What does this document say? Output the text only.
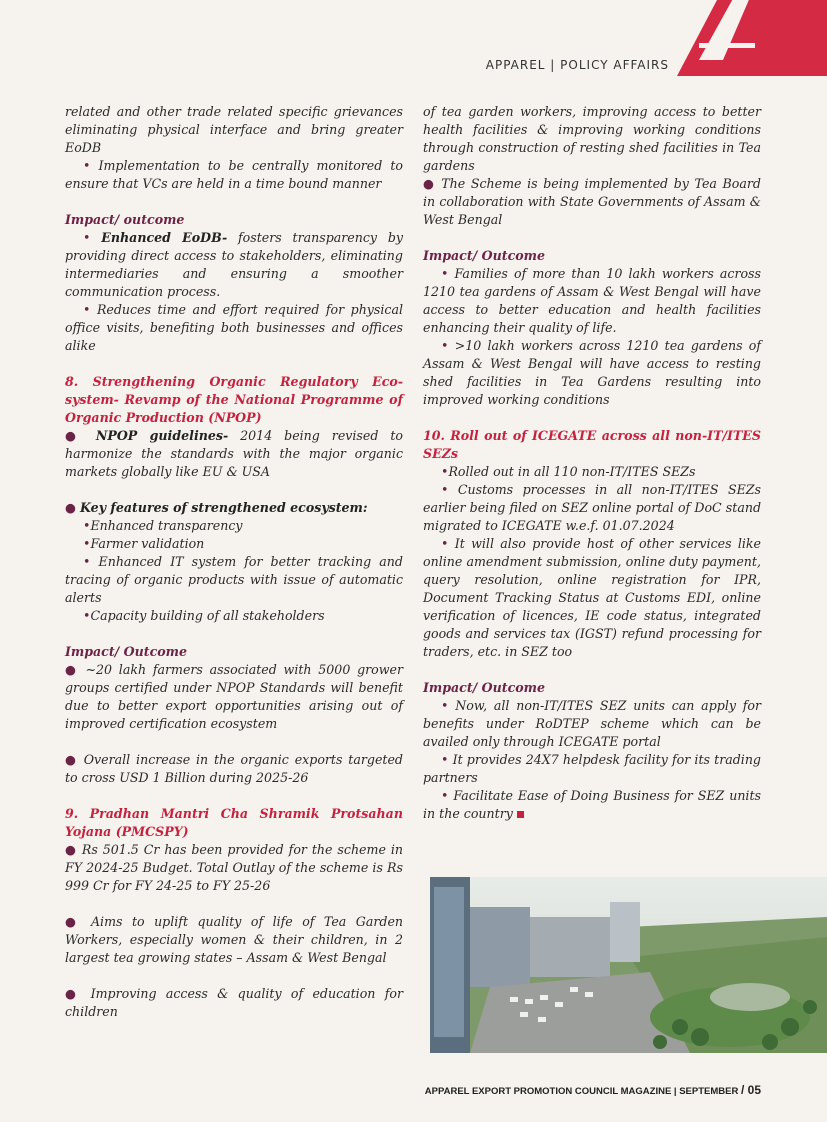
APPAREL | POLICY AFFAIRS

related and other trade related specific grievances eliminating physical interface and bring greater EoDB

• Implementation to be centrally monitored to ensure that VCs are held in a time bound manner

Impact/ outcome

• Enhanced EoDB- fosters transparency by providing direct access to stakeholders, eliminating intermediaries and ensuring a smoother communication process.

• Reduces time and effort required for physical office visits, benefiting both businesses and offices alike

8. Strengthening Organic Regulatory Eco-system- Revamp of the National Programme of Organic Production (NPOP)

● NPOP guidelines- 2014 being revised to harmonize the standards with the major organic markets globally like EU & USA

● Key features of strengthened ecosystem:

•Enhanced transparency

•Farmer validation

• Enhanced IT system for better tracking and tracing of organic products with issue of automatic alerts

•Capacity building of all stakeholders

Impact/ Outcome

● ~20 lakh farmers associated with 5000 grower groups certified under NPOP Standards will benefit due to better export opportunities arising out of improved certification ecosystem

● Overall increase in the organic exports targeted to cross USD 1 Billion during 2025-26

9. Pradhan Mantri Cha Shramik Protsahan Yojana (PMCSPY)

● Rs 501.5 Cr has been provided for the scheme in FY 2024-25 Budget. Total Outlay of the scheme is Rs 999 Cr for FY 24-25 to FY 25-26

● Aims to uplift quality of life of Tea Garden Workers, especially women & their children, in 2 largest tea growing states – Assam & West Bengal

● Improving access & quality of education for children

of tea garden workers, improving access to better health facilities & improving working conditions through construction of resting shed facilities in Tea gardens

● The Scheme is being implemented by Tea Board in collaboration with State Governments of Assam & West Bengal

Impact/ Outcome

• Families of more than 10 lakh workers across 1210 tea gardens of Assam & West Bengal will have access to better education and health facilities enhancing their quality of life.

• >10 lakh workers across 1210 tea gardens of Assam & West Bengal will have access to resting shed facilities in Tea Gardens resulting into improved working conditions

10. Roll out of ICEGATE across all non-IT/ITES SEZs

•Rolled out in all 110 non-IT/ITES SEZs

• Customs processes in all non-IT/ITES SEZs earlier being filed on SEZ online portal of DoC stand migrated to ICEGATE w.e.f. 01.07.2024

• It will also provide host of other services like online amendment submission, online duty payment, query resolution, online registration for IPR, Document Tracking Status at Customs EDI, online verification of licences, IE code status, integrated goods and services tax (IGST) refund processing for traders, etc. in SEZ too

Impact/ Outcome

• Now, all non-IT/ITES SEZ units can apply for benefits under RoDTEP scheme which can be availed only through ICEGATE portal

• It provides 24X7 helpdesk facility for its trading partners

• Facilitate Ease of Doing Business for SEZ units in the country

APPAREL EXPORT PROMOTION COUNCIL MAGAZINE | SEPTEMBER / 05
